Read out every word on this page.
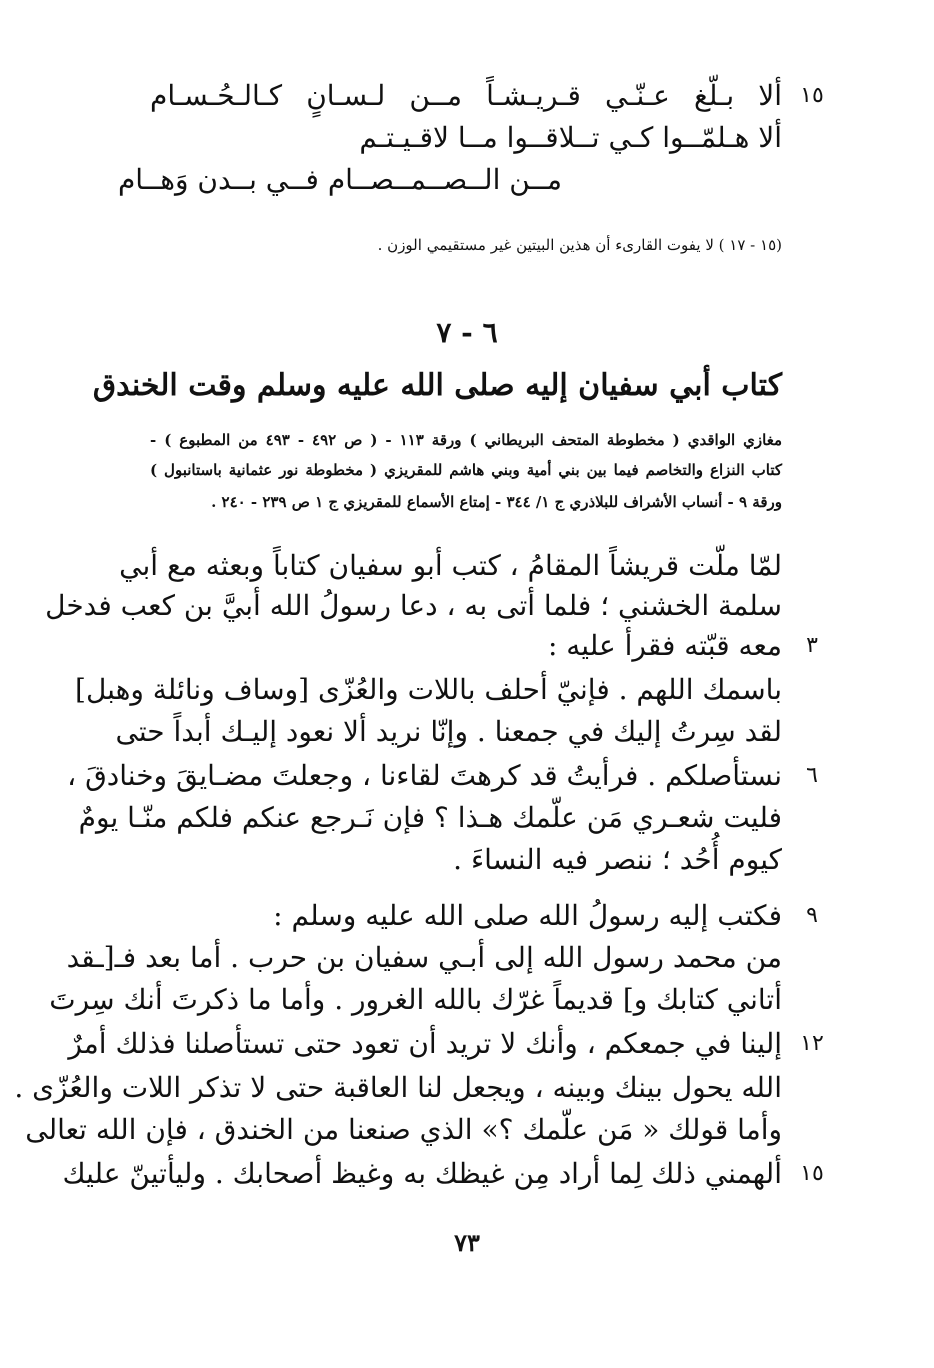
١٥
ألا بـلّغ عـنّـي قـريـشـاً مــن لـسـانٍ كـالـحُـسـام
ألا هـلمّــوا كـي تــلاقــوا مــا لاقـيـتـم
مــن الــصــمــصــام فــي بــدن وَهــام
(١٥ - ١٧ ) لا يفوت القارىء أن هذين البيتين غير مستقيمي الوزن .
٦ - ٧
كتاب أبي سفيان إليه صلى الله عليه وسلم وقت الخندق
مغازي الواقدي ( مخطوطة المتحف البريطاني ) ورقة ١١٣ - ( ص ٤٩٢ - ٤٩٣ من المطبوع ) -
كتاب النزاع والتخاصم فيما بين بني أمية وبني هاشم للمقريزي ( مخطوطة نور عثمانية باستانبول )
ورقة ٩ - أنساب الأشراف للبلاذري ج ١/ ٣٤٤ - إمتاع الأسماع للمقريزي ج ١ ص ٢٣٩ - ٢٤٠ .
لمّا ملّت قريشاً المقامُ ، كتب أبو سفيان كتاباً وبعثه مع أبي
سلمة الخشني ؛ فلما أتى به ، دعا رسولُ الله أبيَّ بن كعب فدخل
٣
معه قبّته فقرأ عليه :
باسمك اللهم . فإنيّ أحلف باللات والعُزّى [وساف ونائلة وهبل]
لقد سِرتُ إليك في جمعنا . وإنّا نريد ألا نعود إليـك أبداً حتى
٦
نستأصلكم . فرأيتُ قد كرهتَ لقاءنا ، وجعلتَ مضـايقَ وخنادقَ ،
فليت شعـري مَن علّمك هـذا ؟ فإن نَـرجع عنكم فلكم منّـا يومٌ
كيوم أُحُد ؛ ننصر فيه النساءَ .
٩
فكتب إليه رسولُ الله صلى الله عليه وسلم :
من محمد رسول الله إلى أبـي سفيان بن حرب . أما بعد فـ[ـقد
أتاني كتابك و] قديماً غرّك بالله الغرور . وأما ما ذكرتَ أنك سِرتَ
١٢
إلينا في جمعكم ، وأنك لا تريد أن تعود حتى تستأصلنا فذلك أمرٌ
الله يحول بينك وبينه ، ويجعل لنا العاقبة حتى لا تذكر اللات والعُزّى .
وأما قولك « مَن علّمك ؟» الذي صنعنا من الخندق ، فإن الله تعالى
١٥
ألهمني ذلك لِما أراد مِن غيظك به وغيظ أصحابك . وليأتينّ عليك
٧٣
